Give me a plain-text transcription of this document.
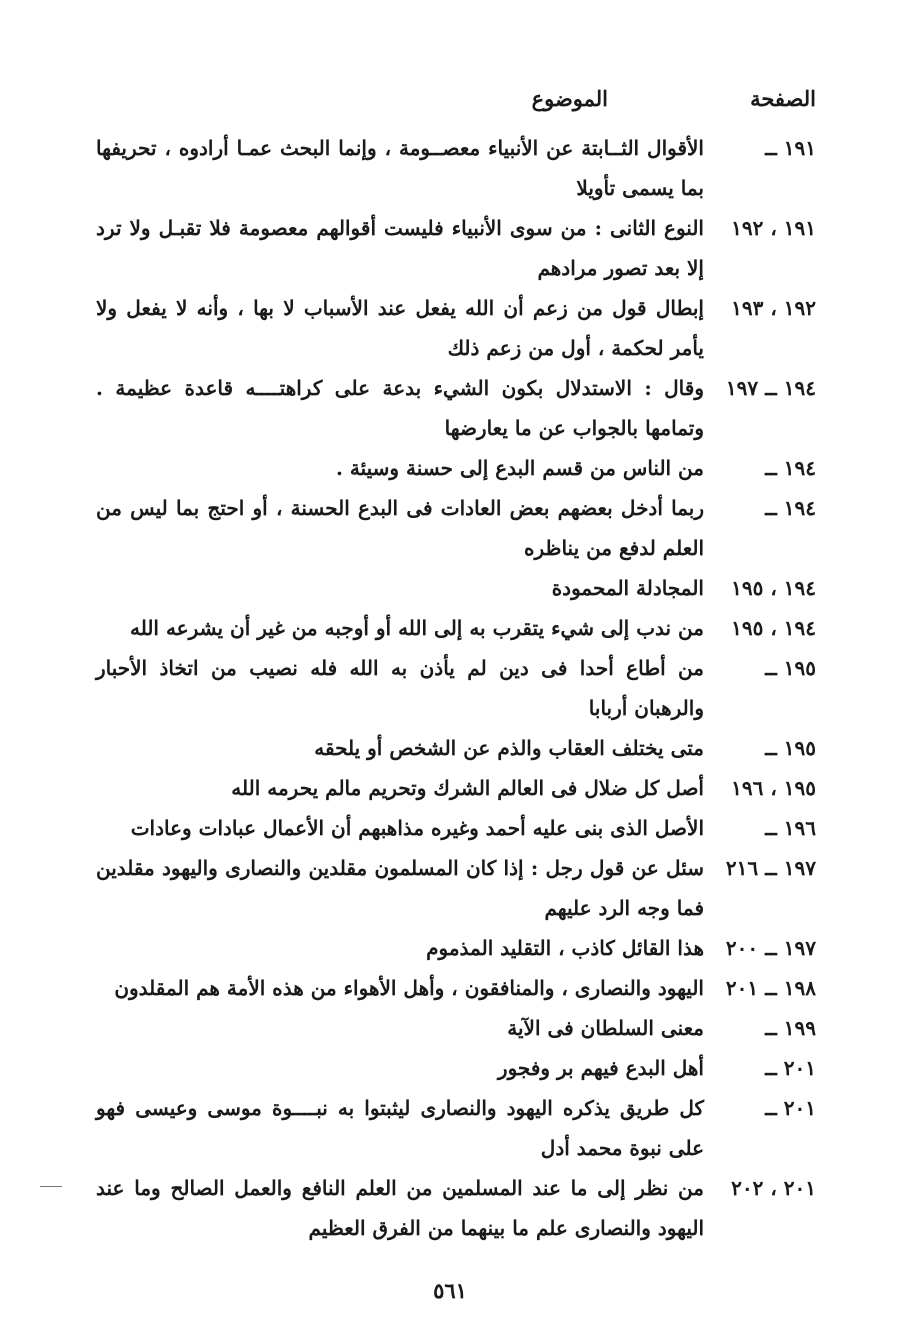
الصفحة
الموضوع
١٩١ ــ
الأقوال الثــابتة عن الأنبياء معصــومة ، وإنما البحث عمـا أرادوه ، تحريفها بما يسمى تأويلا
١٩١ ، ١٩٢
النوع الثانى : من سوى الأنبياء فليست أقوالهم معصومة فلا تقبـل ولا ترد إلا بعد تصور مرادهم
١٩٢ ، ١٩٣
إبطال قول من زعم أن الله يفعل عند الأسباب لا بها ، وأنه لا يفعل ولا يأمر لحكمة ، أول من زعم ذلك
١٩٤ ــ ١٩٧
وقال : الاستدلال بكون الشيء بدعة على كراهتــــه قاعدة عظيمة . وتمامها بالجواب عن ما يعارضها
١٩٤ ــ
من الناس من قسم البدع إلى حسنة وسيئة .
١٩٤ ــ
ربما أدخل بعضهم بعض العادات فى البدع الحسنة ، أو احتج بما ليس من العلم لدفع من يناظره
١٩٤ ، ١٩٥
المجادلة المحمودة
١٩٤ ، ١٩٥
من ندب إلى شيء يتقرب به إلى الله أو أوجبه من غير أن يشرعه الله
١٩٥ ــ
من أطاع أحدا فى دين لم يأذن به الله فله نصيب من اتخاذ الأحبار والرهبان أربابا
١٩٥ ــ
متى يختلف العقاب والذم عن الشخص أو يلحقه
١٩٥ ، ١٩٦
أصل كل ضلال فى العالم الشرك وتحريم مالم يحرمه الله
١٩٦ ــ
الأصل الذى بنى عليه أحمد وغيره مذاهبهم أن الأعمال عبادات وعادات
١٩٧ ــ ٢١٦
سئل عن قول رجل : إذا كان المسلمون مقلدين والنصارى واليهود مقلدين فما وجه الرد عليهم
١٩٧ ــ ٢٠٠
هذا القائل كاذب ، التقليد المذموم
١٩٨ ــ ٢٠١
اليهود والنصارى ، والمنافقون ، وأهل الأهواء من هذه الأمة هم المقلدون
١٩٩ ــ
معنى السلطان فى الآية
٢٠١ ــ
أهل البدع فيهم بر وفجور
٢٠١ ــ
كل طريق يذكره اليهود والنصارى ليثبتوا به نبــــوة موسى وعيسى فهو على نبوة محمد أدل
٢٠١ ، ٢٠٢
من نظر إلى ما عند المسلمين من العلم النافع والعمل الصالح وما عند اليهود والنصارى علم ما بينهما من الفرق العظيم
٥٦١
